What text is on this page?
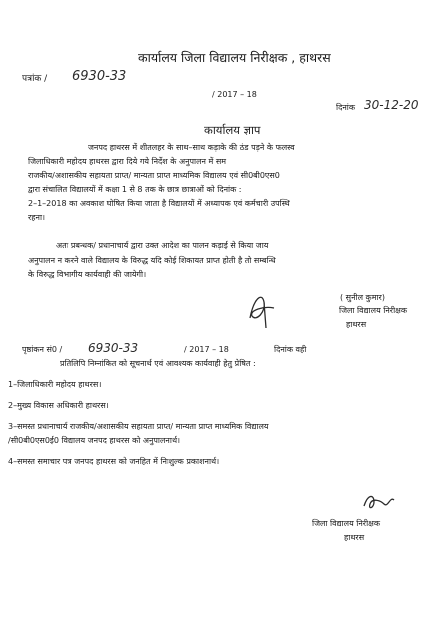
कार्यालय जिला विद्यालय निरीक्षक , हाथरस
पत्रांक / 6930-33
/ 2017 – 18
दिनांक 30-12-20
कार्यालय ज्ञाप
जनपद हाथरस में शीतलहर के साथ–साथ कड़ाके की ठंड पड़ने के फलस्व
जिलाधिकारी महोदय हाथरस द्वारा दिये गये निर्देश के अनुपालन में सम
राजकीय/अशासकीय सहायता प्राप्त/ मान्यता प्राप्त माध्यमिक विद्यालय एवं सी0बी0एस0
द्वारा संचालित विद्यालयों में कक्षा 1 से 8 तक के छात्र छात्राओं को दिनांक :
2–1–2018 का अवकाश घोषित किया जाता है विद्यालयों में अध्यापक एवं कर्मचारी उपस्थि
रहना।
अतः प्रबन्धक/ प्रधानाचार्य द्वारा उक्त आदेश का पालन कड़ाई से किया जाय
अनुपालन न करने वाले विद्यालय के विरुद्ध यदि कोई शिकायत प्राप्त होती है तो सम्बन्धि
के विरुद्ध विभागीय कार्यवाही की जायेगी।
( सुनील कुमार)
जिला विद्यालय निरीक्षक
हाथरस
पृष्ठांकन सं0 / 6930-33	/ 2017 – 18	दिनांक वही
प्रतिलिपि निम्नांकित को सूचनार्थ एवं आवश्यक कार्यवाही हेतु प्रेषित :
1–जिलाधिकारी महोदय हाथरस।
2–मुख्य विकास अधिकारी हाथरस।
3–समस्त प्रधानाचार्य राजकीय/अशासकीय सहायता प्राप्त/ मान्यता प्राप्त माध्यमिक विद्यालय
/सी0बी0एस0ई0 विद्यालय जनपद हाथरस को अनुपालनार्थ।
4–समस्त समाचार पत्र जनपद हाथरस को जनहित में निःशुल्क प्रकाशनार्थ।
जिला विद्यालय निरीक्षक
हाथरस
